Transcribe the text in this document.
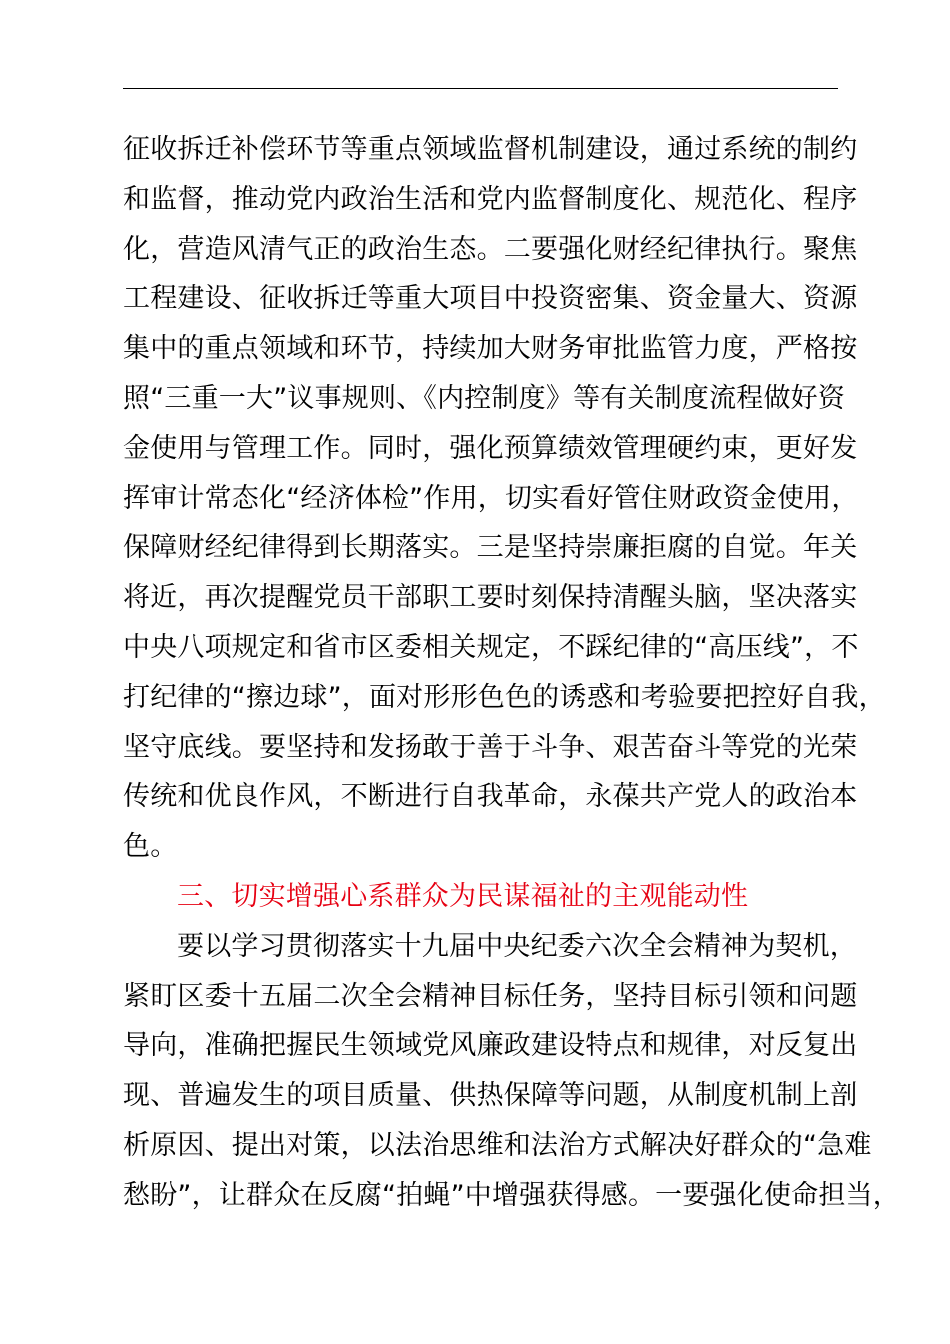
征收拆迁补偿环节等重点领域监督机制建设，通过系统的制约
和监督，推动党内政治生活和党内监督制度化、规范化、程序
化，营造风清气正的政治生态。二要强化财经纪律执行。聚焦
工程建设、征收拆迁等重大项目中投资密集、资金量大、资源
集中的重点领域和环节，持续加大财务审批监管力度，严格按
照“三重一大”议事规则、《内控制度》等有关制度流程做好资
金使用与管理工作。同时，强化预算绩效管理硬约束，更好发
挥审计常态化“经济体检”作用，切实看好管住财政资金使用，
保障财经纪律得到长期落实。三是坚持崇廉拒腐的自觉。年关
将近，再次提醒党员干部职工要时刻保持清醒头脑，坚决落实
中央八项规定和省市区委相关规定，不踩纪律的“高压线”，不
打纪律的“擦边球”，面对形形色色的诱惑和考验要把控好自我，
坚守底线。要坚持和发扬敢于善于斗争、艰苦奋斗等党的光荣
传统和优良作风，不断进行自我革命，永葆共产党人的政治本
色。
三、切实增强心系群众为民谋福祉的主观能动性
要以学习贯彻落实十九届中央纪委六次全会精神为契机，
紧盯区委十五届二次全会精神目标任务，坚持目标引领和问题
导向，准确把握民生领域党风廉政建设特点和规律，对反复出
现、普遍发生的项目质量、供热保障等问题，从制度机制上剖
析原因、提出对策，以法治思维和法治方式解决好群众的“急难
愁盼”，让群众在反腐“拍蝇”中增强获得感。一要强化使命担当，
